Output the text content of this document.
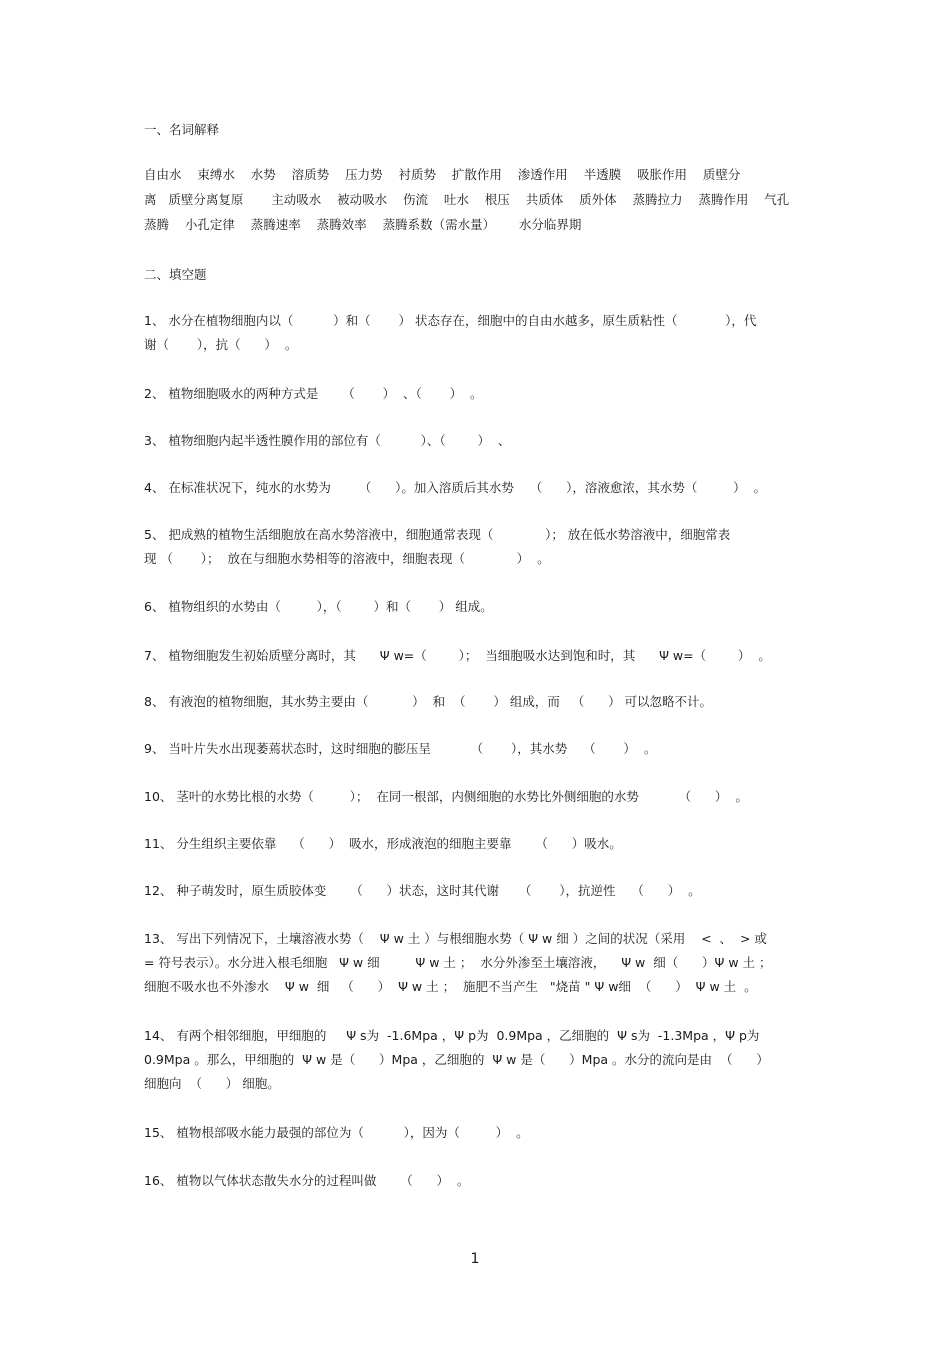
一、名词解释
自由水    束缚水    水势    溶质势    压力势    衬质势    扩散作用    渗透作用    半透膜    吸胀作用    质壁分
离   质壁分离复原       主动吸水    被动吸水    伤流    吐水    根压    共质体    质外体    蒸腾拉力    蒸腾作用    气孔
蒸腾    小孔定律    蒸腾速率    蒸腾效率    蒸腾系数（需水量）      水分临界期
二、填空题
1、 水分在植物细胞内以（          ）和（       ） 状态存在，细胞中的自由水越多，原生质粘性（            ），代
谢（       ），抗（      ）  。
2、 植物细胞吸水的两种方式是      （       ）  、（       ）  。
3、 植物细胞内起半透性膜作用的部位有（          ）、（        ）  、
4、 在标准状况下，纯水的水势为       （      ）。加入溶质后其水势    （      ），溶液愈浓，其水势（         ）  。
5、 把成熟的植物生活细胞放在高水势溶液中，细胞通常表现（             ）； 放在低水势溶液中，细胞常表
现 （       ）；  放在与细胞水势相等的溶液中，细胞表现（             ）  。
6、 植物组织的水势由（         ），（        ）和（       ） 组成。
7、 植物细胞发生初始质壁分离时，其      Ψ w=（        ）；  当细胞吸水达到饱和时，其      Ψ w=（        ）  。
8、 有液泡的植物细胞，其水势主要由（           ）  和  （       ） 组成，而   （      ） 可以忽略不计。
9、 当叶片失水出现萎蔫状态时，这时细胞的膨压呈          （       ），其水势    （       ）  。
10、 茎叶的水势比根的水势（         ）；  在同一根部，内侧细胞的水势比外侧细胞的水势          （      ）  。
11、 分生组织主要依靠    （      ）  吸水，形成液泡的细胞主要靠      （      ）吸水。
12、 种子萌发时，原生质胶体变      （      ）状态，这时其代谢     （       ），抗逆性    （      ）  。
13、 写出下列情况下，土壤溶液水势（    Ψ w 土 ）与根细胞水势（ Ψ w 细 ）之间的状况（采用    <  、  > 或
= 符号表示）。水分进入根毛细胞   Ψ w 细         Ψ w 土 ；  水分外渗至土壤溶液，    Ψ w  细（      ）Ψ w 土 ；
细胞不吸水也不外渗水    Ψ w  细   （      ）  Ψ w 土 ；  施肥不当产生   "烧苗 " Ψ w细  （      ）  Ψ w 土  。
14、 有两个相邻细胞，甲细胞的     Ψ s为  -1.6Mpa ，Ψ p为  0.9Mpa ，乙细胞的  Ψ s为  -1.3Mpa ，Ψ p为
0.9Mpa 。那么，甲细胞的  Ψ w 是（      ）Mpa ，乙细胞的  Ψ w 是（      ）Mpa 。水分的流向是由  （      ）
细胞向  （      ） 细胞。
15、 植物根部吸水能力最强的部位为（          ），因为（         ）  。
16、 植物以气体状态散失水分的过程叫做      （      ）  。
1
